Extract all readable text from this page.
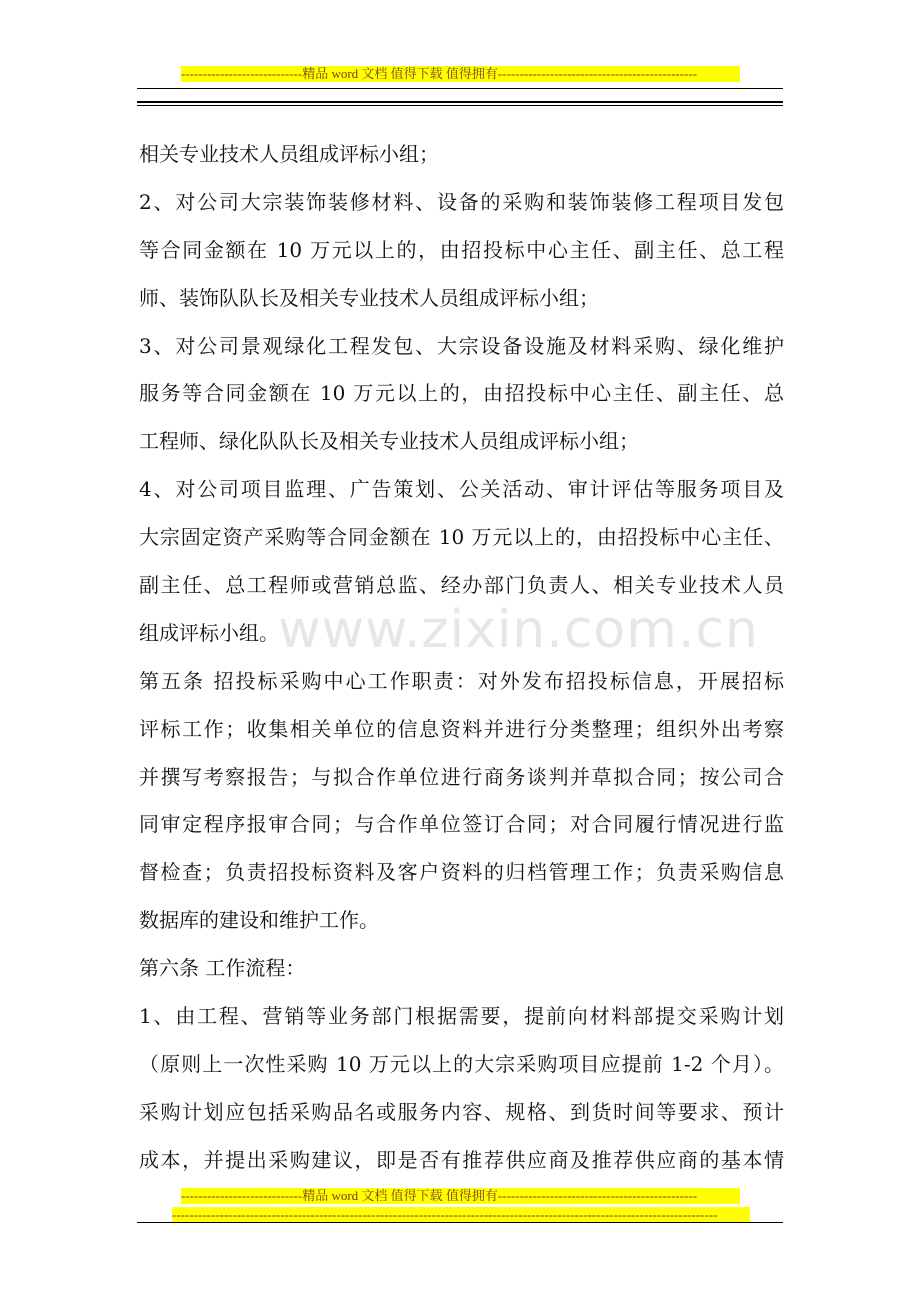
----------------------------精品 word 文档 值得下载 值得拥有----------------------------------------------
相关专业技术人员组成评标小组；
2、对公司大宗装饰装修材料、设备的采购和装饰装修工程项目发包
等合同金额在 10 万元以上的，由招投标中心主任、副主任、总工程
师、装饰队队长及相关专业技术人员组成评标小组；
3、对公司景观绿化工程发包、大宗设备设施及材料采购、绿化维护
服务等合同金额在 10 万元以上的，由招投标中心主任、副主任、总
工程师、绿化队队长及相关专业技术人员组成评标小组；
4、对公司项目监理、广告策划、公关活动、审计评估等服务项目及
大宗固定资产采购等合同金额在 10 万元以上的，由招投标中心主任、
副主任、总工程师或营销总监、经办部门负责人、相关专业技术人员
组成评标小组。
第五条 招投标采购中心工作职责：对外发布招投标信息，开展招标
评标工作；收集相关单位的信息资料并进行分类整理；组织外出考察
并撰写考察报告；与拟合作单位进行商务谈判并草拟合同；按公司合
同审定程序报审合同；与合作单位签订合同；对合同履行情况进行监
督检查；负责招投标资料及客户资料的归档管理工作；负责采购信息
数据库的建设和维护工作。
第六条 工作流程：
1、由工程、营销等业务部门根据需要，提前向材料部提交采购计划
（原则上一次性采购 10 万元以上的大宗采购项目应提前 1-2 个月）。
采购计划应包括采购品名或服务内容、规格、到货时间等要求、预计
成本，并提出采购建议，即是否有推荐供应商及推荐供应商的基本情
www.zixin.com.cn
----------------------------精品 word 文档 值得下载 值得拥有----------------------------------------------
------------------------------------------------------------------------------------------------------------------------------
